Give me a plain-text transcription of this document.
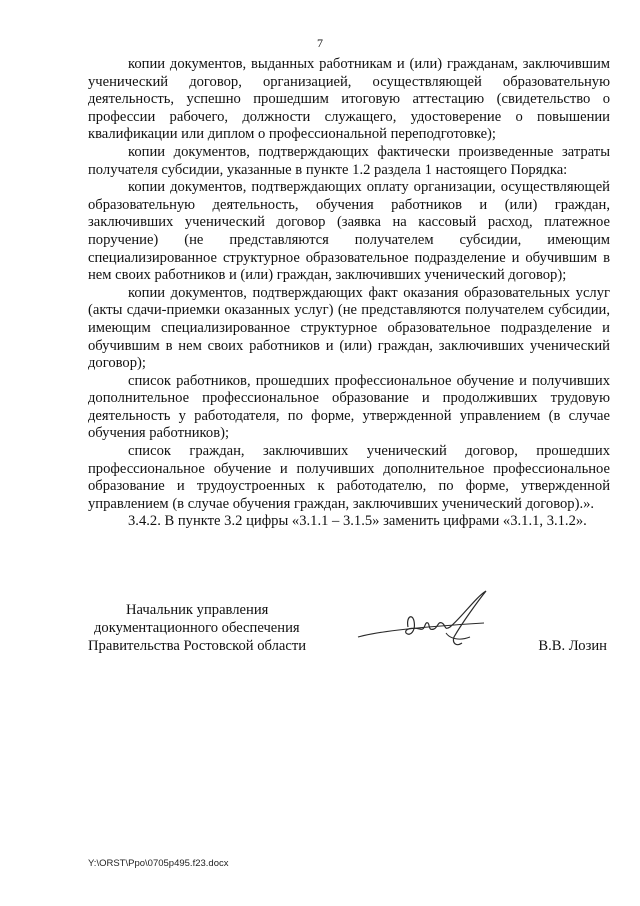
7

копии документов, выданных работникам и (или) гражданам, заключившим ученический договор, организацией, осуществляющей образовательную деятельность, успешно прошедшим итоговую аттестацию (свидетельство о профессии рабочего, должности служащего, удостоверение о повышении квалификации или диплом о профессиональной переподготовке);

копии документов, подтверждающих фактически произведенные затраты получателя субсидии, указанные в пункте 1.2 раздела 1 настоящего Порядка:

копии документов, подтверждающих оплату организации, осуществляющей образовательную деятельность, обучения работников и (или) граждан, заключивших ученический договор (заявка на кассовый расход, платежное поручение) (не представляются получателем субсидии, имеющим специализированное структурное образовательное подразделение и обучившим в нем своих работников и (или) граждан, заключивших ученический договор);

копии документов, подтверждающих факт оказания образовательных услуг (акты сдачи-приемки оказанных услуг) (не представляются получателем субсидии, имеющим специализированное структурное образовательное подразделение и обучившим в нем своих работников и (или) граждан, заключивших ученический договор);

список работников, прошедших профессиональное обучение и получивших дополнительное профессиональное образование и продолживших трудовую деятельность у работодателя, по форме, утвержденной управлением (в случае обучения работников);

список граждан, заключивших ученический договор, прошедших профессиональное обучение и получивших дополнительное профессиональное образование и трудоустроенных к работодателю, по форме, утвержденной управлением (в случае обучения граждан, заключивших ученический договор).».

3.4.2. В пункте 3.2 цифры «3.1.1 – 3.1.5» заменить цифрами «3.1.1, 3.1.2».

Начальник управления
документационного обеспечения
Правительства Ростовской области	В.В. Лозин
Y:\ORST\Ppo\0705p495.f23.docx
